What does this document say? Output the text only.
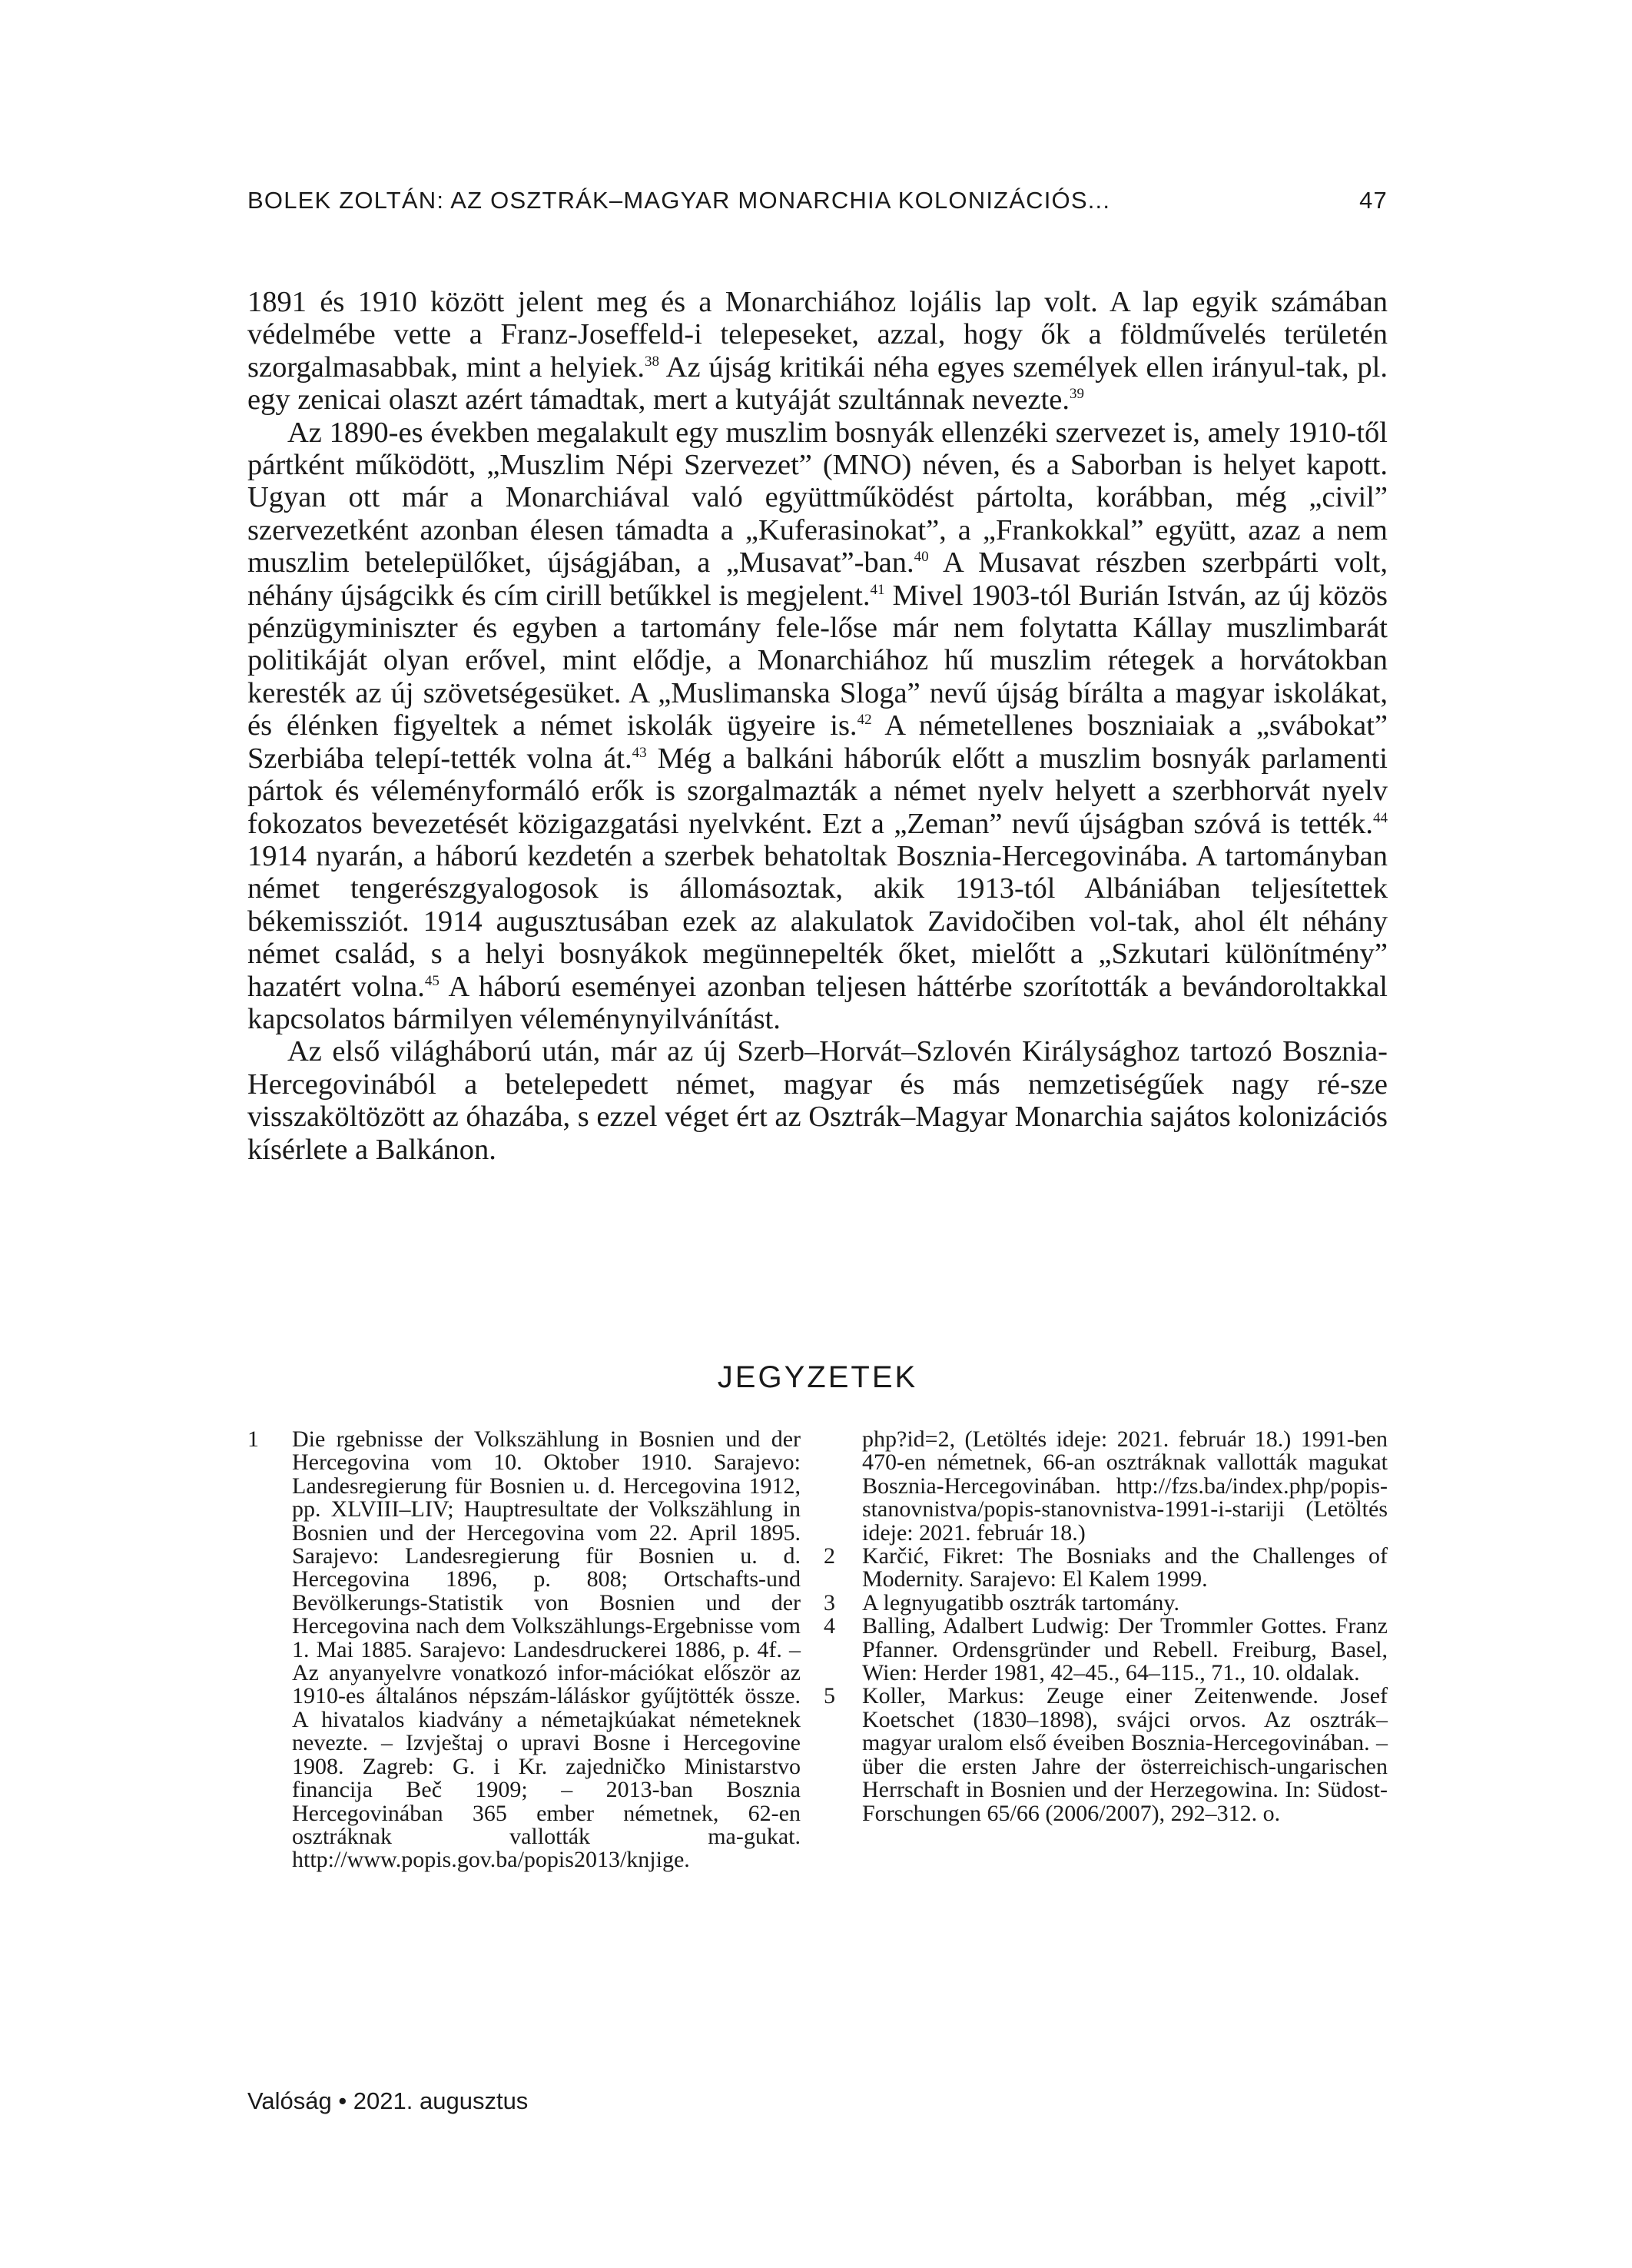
BOLEK ZOLTÁN: AZ OSZTRÁK–MAGYAR MONARCHIA KOLONIZÁCIÓS...	47

1891 és 1910 között jelent meg és a Monarchiához lojális lap volt. A lap egyik számában védelmébe vette a Franz-Joseffeld-i telepeseket, azzal, hogy ők a földművelés területén szorgalmasabbak, mint a helyiek.$^{38}$ Az újság kritikái néha egyes személyek ellen irányul-tak, pl. egy zenicai olaszt azért támadtak, mert a kutyáját szultánnak nevezte.$^{39}$

Az 1890-es években megalakult egy muszlim bosnyák ellenzéki szervezet is, amely 1910-től pártként működött, „Muszlim Népi Szervezet” (MNO) néven, és a Saborban is helyet kapott. Ugyan ott már a Monarchiával való együttműködést pártolta, korábban, még „civil” szervezetként azonban élesen támadta a „Kuferasinokat”, a „Frankokkal” együtt, azaz a nem muszlim betelepülőket, újságjában, a „Musavat”-ban.$^{40}$ A Musavat részben szerbpárti volt, néhány újságcikk és cím cirill betűkkel is megjelent.$^{41}$ Mivel 1903-tól Burián István, az új közös pénzügyminiszter és egyben a tartomány fele-lőse már nem folytatta Kállay muszlimbarát politikáját olyan erővel, mint elődje, a Monarchiához hű muszlim rétegek a horvátokban keresték az új szövetségesüket. A „Muslimanska Sloga” nevű újság bírálta a magyar iskolákat, és élénken figyeltek a német iskolák ügyeire is.$^{42}$ A németellenes boszniaiak a „svábokat” Szerbiába telepí-tették volna át.$^{43}$ Még a balkáni háborúk előtt a muszlim bosnyák parlamenti pártok és véleményformáló erők is szorgalmazták a német nyelv helyett a szerbhorvát nyelv fokozatos bevezetését közigazgatási nyelvként. Ezt a „Zeman” nevű újságban szóvá is tették.$^{44}$ 1914 nyarán, a háború kezdetén a szerbek behatoltak Bosznia-Hercegovinába. A tartományban német tengerészgyalogosok is állomásoztak, akik 1913-tól Albániában teljesítettek békemissziót. 1914 augusztusában ezek az alakulatok Zavidočiben vol-tak, ahol élt néhány német család, s a helyi bosnyákok megünnepelték őket, mielőtt a „Szkutari különítmény” hazatért volna.$^{45}$ A háború eseményei azonban teljesen háttérbe szorították a bevándoroltakkal kapcsolatos bármilyen véleménynyilvánítást.

Az első világháború után, már az új Szerb–Horvát–Szlovén Királysághoz tartozó Bosznia-Hercegovinából a betelepedett német, magyar és más nemzetiségűek nagy ré-sze visszaköltözött az óhazába, s ezzel véget ért az Osztrák–Magyar Monarchia sajátos kolonizációs kísérlete a Balkánon.

JEGYZETEK
1	Die rgebnisse der Volkszählung in Bosnien und der Hercegovina vom 10. Oktober 1910. Sarajevo: Landesregierung für Bosnien u. d. Hercegovina 1912, pp. XLVIII–LIV; Hauptresultate der Volkszählung in Bosnien und der Hercegovina vom 22. April 1895. Sarajevo: Landesregierung für Bosnien u. d. Hercegovina 1896, p. 808; Ortschafts-und Bevölkerungs-Statistik von Bosnien und der Hercegovina nach dem Volkszählungs-Ergebnisse vom 1. Mai 1885. Sarajevo: Landesdruckerei 1886, p. 4f. – Az anyanyelvre vonatkozó infor-mációkat először az 1910-es általános népszám-láláskor gyűjtötték össze. A hivatalos kiadvány a németajkúakat németeknek nevezte. – Izvještaj o upravi Bosne i Hercegovine 1908. Zagreb: G. i Kr. zajedničko Ministarstvo financija Beč 1909; – 2013-ban Bosznia Hercegovinában 365 ember németnek, 62-en osztráknak vallották ma-gukat. http://www.popis.gov.ba/popis2013/knjige.
php?id=2, (Letöltés ideje: 2021. február 18.) 1991-ben 470-en németnek, 66-an osztráknak vallották magukat Bosznia-Hercegovinában. http://fzs.ba/index.php/popis-stanovnistva/popis-stanovnistva-1991-i-stariji (Letöltés ideje: 2021. február 18.)
2	Karčić, Fikret: The Bosniaks and the Challenges of Modernity. Sarajevo: El Kalem 1999.
3	A legnyugatibb osztrák tartomány.
4	Balling, Adalbert Ludwig: Der Trommler Gottes. Franz Pfanner. Ordensgründer und Rebell. Freiburg, Basel, Wien: Herder 1981, 42–45., 64–115., 71., 10. oldalak.
5	Koller, Markus: Zeuge einer Zeitenwende. Josef Koetschet (1830–1898), svájci orvos. Az osztrák–magyar uralom első éveiben Bosznia-Hercegovinában. – über die ersten Jahre der österreichisch-ungarischen Herrschaft in Bosnien und der Herzegowina. In: Südost-Forschungen 65/66 (2006/2007), 292–312. o.
Valóság • 2021. augusztus
